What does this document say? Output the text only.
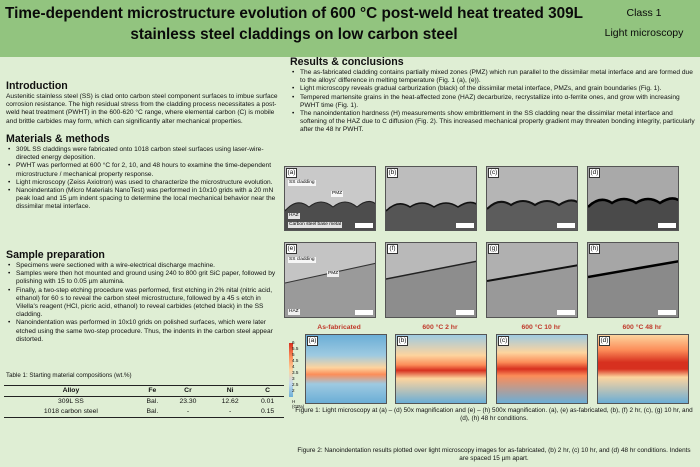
Time-dependent microstructure evolution of 600 °C post-weld heat treated 309L stainless steel claddings on low carbon steel
Class 1
Light microscopy
Introduction

Austenitic stainless steel (SS) is clad onto carbon steel component surfaces to imbue surface corrosion resistance. The high residual stress from the cladding process necessitates a post-weld heat treatment (PWHT) in the 600-620 °C range, where elemental carbon (C) is mobile and brittle carbides may form, which can significantly alter mechanical properties.

Materials & methods
• 309L SS claddings were fabricated onto 1018 carbon steel surfaces using laser-wire-directed energy deposition.
• PWHT was performed at 600 °C for 2, 10, and 48 hours to examine the time-dependent microstructure / mechanical property response.
• Light microscopy (Zeiss Axiotron) was used to characterize the microstructure evolution.
• Nanoindentation (Micro Materials NanoTest) was performed in 10x10 grids with a 20 mN peak load and 15 µm indent spacing to determine the local mechanical behavior near the dissimilar metal interface.
Sample preparation
• Specimens were sectioned with a wire-electrical discharge machine.
• Samples were then hot mounted and ground using 240 to 800 grit SiC paper, followed by polishing with 15 to 0.05 µm alumina.
• Finally, a two-step etching procedure was performed, first etching in 2% nital (nitric acid, ethanol) for 60 s to reveal the carbon steel microstructure, followed by a 45 s etch in Vilella's reagent (HCl, picric acid, ethanol) to reveal carbides (etched black) in the SS cladding.
• Nanoindentation was performed in 10x10 grids on polished surfaces, which were later etched using the same two-step procedure. Thus, the indents in the carbon steel appear distorted.
Table 1: Starting material compositions (wt.%)
Alloy	Fe	Cr	Ni	C
309L SS	Bal.	23.30	12.62	0.01
1018 carbon steel	Bal.	-	-	0.15
Results & conclusions
• The as-fabricated cladding contains partially mixed zones (PMZ) which run parallel to the dissimilar metal interface and are formed due to the alloys' difference in melting temperature (Fig. 1 (a), (e)).
• Light microscopy reveals gradual carburization (black) of the dissimilar metal interface, PMZs, and grain boundaries (Fig. 1).
• Tempered martensite grains in the heat-affected zone (HAZ) decarburize, recrystallize into α-ferrite ones, and grow with increasing PWHT time (Fig. 1).
• The nanoindentation hardness (H) measurements show embrittlement in the SS cladding near the dissimilar metal interface and softening of the HAZ due to C diffusion (Fig. 2). This increased mechanical property gradient may threaten bonding integrity, particularly after the 48 hr PWHT.
(a)
SS cladding
PMZ
HAZ
Carbon steel base metal
(b)	(c)	(d)
(e)
SS cladding
PMZ
HAZ
(f)	(g)	(h)
As-fabricated	600 °C 2 hr	600 °C 10 hr	600 °C 48 hr
6
5.5
5
4.5
4
3.5
3
2.5
2
H
(GPa)
(a)	(b)	(c)	(d)
Figure 1: Light microscopy at (a) – (d) 50x magnification and (e) – (h) 500x magnification. (a), (e) as-fabricated, (b), (f) 2 hr, (c), (g) 10 hr, and (d), (h) 48 hr conditions.
Figure 2: Nanoindentation results plotted over light microscopy images for as-fabricated, (b) 2 hr, (c) 10 hr, and (d) 48 hr conditions. Indents are spaced 15 µm apart.
